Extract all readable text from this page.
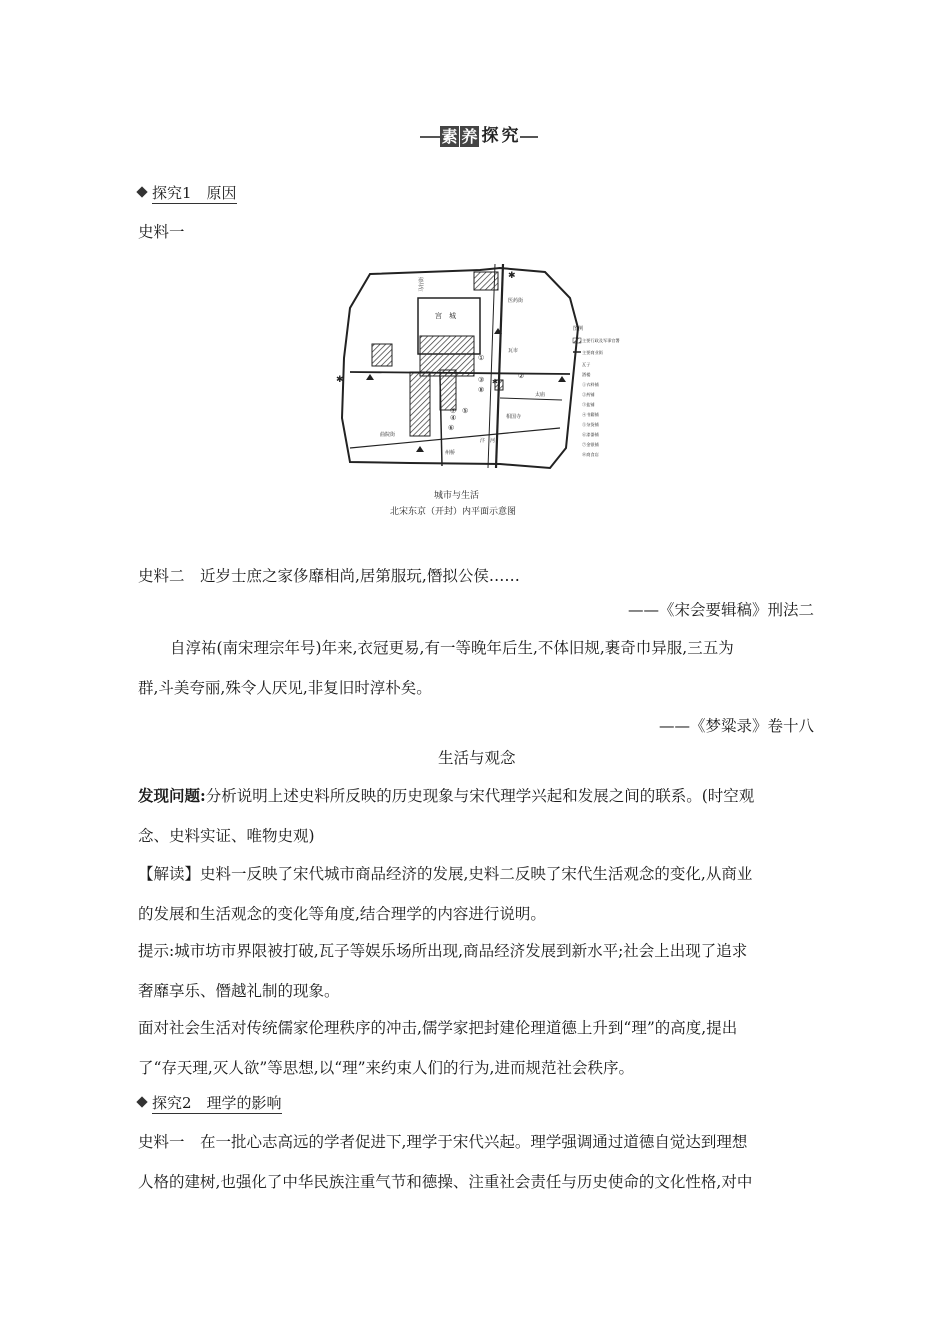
素 养 探 究
探究1　原因
史料一
宫　城
马行街
医药街
曲院街
州桥
相国寺
太庙
汴　河
瓦市
图例
主要行政及军事官署
主要商业街
瓦子
酒楼
①衣料铺
②药铺
③盐铺
④书籍铺
⑤杂货铺
⑥漆器铺
⑦金银铺
⑧商食店
✱
✱
✱
①
②
③
④
⑤
⑥
⑦
⑧
城市与生活
北宋东京（开封）内平面示意图
史料二　近岁士庶之家侈靡相尚,居第服玩,僭拟公侯……
——《宋会要辑稿》刑法二
自淳祐(南宋理宗年号)年来,衣冠更易,有一等晚年后生,不体旧规,裹奇巾异服,三五为
群,斗美夸丽,殊令人厌见,非复旧时淳朴矣。
——《梦粱录》卷十八
生活与观念
发现问题:分析说明上述史料所反映的历史现象与宋代理学兴起和发展之间的联系。(时空观
念、史料实证、唯物史观)
【解读】史料一反映了宋代城市商品经济的发展,史料二反映了宋代生活观念的变化,从商业
的发展和生活观念的变化等角度,结合理学的内容进行说明。
提示:城市坊市界限被打破,瓦子等娱乐场所出现,商品经济发展到新水平;社会上出现了追求
奢靡享乐、僭越礼制的现象。
面对社会生活对传统儒家伦理秩序的冲击,儒学家把封建伦理道德上升到“理”的高度,提出
了“存天理,灭人欲”等思想,以“理”来约束人们的行为,进而规范社会秩序。
探究2　理学的影响
史料一　在一批心志高远的学者促进下,理学于宋代兴起。理学强调通过道德自觉达到理想
人格的建树,也强化了中华民族注重气节和德操、注重社会责任与历史使命的文化性格,对中
